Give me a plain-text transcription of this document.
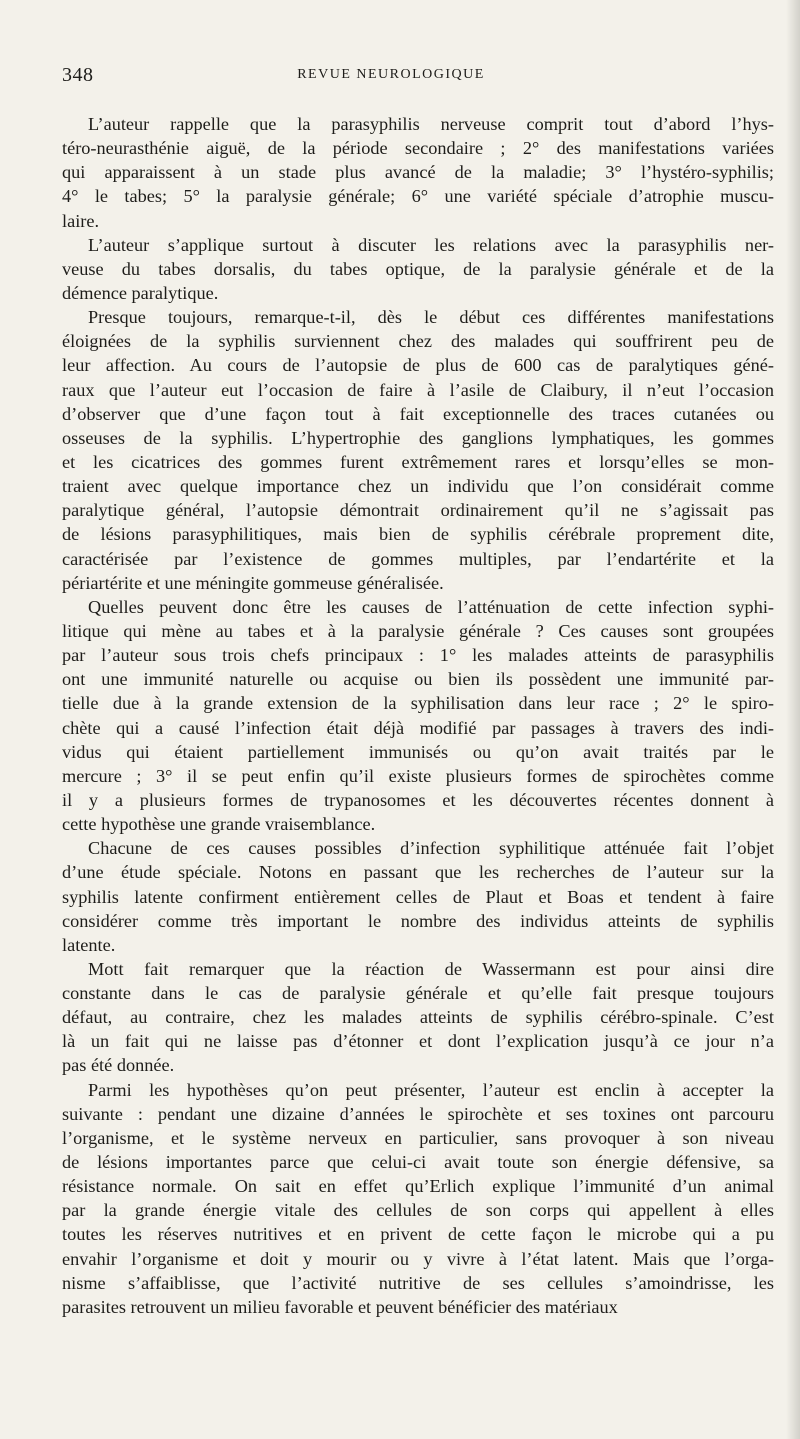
348	REVUE NEUROLOGIQUE
L’auteur rappelle que la parasyphilis nerveuse comprit tout d’abord l’hys-
téro-neurasthénie aiguë, de la période secondaire ; 2° des manifestations variées
qui apparaissent à un stade plus avancé de la maladie; 3° l’hystéro-syphilis;
4° le tabes; 5° la paralysie générale; 6° une variété spéciale d’atrophie muscu-
laire.
L’auteur s’applique surtout à discuter les relations avec la parasyphilis ner-
veuse du tabes dorsalis, du tabes optique, de la paralysie générale et de la
démence paralytique.
Presque toujours, remarque-t-il, dès le début ces différentes manifestations
éloignées de la syphilis surviennent chez des malades qui souffrirent peu de
leur affection. Au cours de l’autopsie de plus de 600 cas de paralytiques géné-
raux que l’auteur eut l’occasion de faire à l’asile de Claibury, il n’eut l’occasion
d’observer que d’une façon tout à fait exceptionnelle des traces cutanées ou
osseuses de la syphilis. L’hypertrophie des ganglions lymphatiques, les gommes
et les cicatrices des gommes furent extrêmement rares et lorsqu’elles se mon-
traient avec quelque importance chez un individu que l’on considérait comme
paralytique général, l’autopsie démontrait ordinairement qu’il ne s’agissait pas
de lésions parasyphilitiques, mais bien de syphilis cérébrale proprement dite,
caractérisée par l’existence de gommes multiples, par l’endartérite et la
périartérite et une méningite gommeuse généralisée.
Quelles peuvent donc être les causes de l’atténuation de cette infection syphi-
litique qui mène au tabes et à la paralysie générale ? Ces causes sont groupées
par l’auteur sous trois chefs principaux : 1° les malades atteints de parasyphilis
ont une immunité naturelle ou acquise ou bien ils possèdent une immunité par-
tielle due à la grande extension de la syphilisation dans leur race ; 2° le spiro-
chète qui a causé l’infection était déjà modifié par passages à travers des indi-
vidus qui étaient partiellement immunisés ou qu’on avait traités par le
mercure ; 3° il se peut enfin qu’il existe plusieurs formes de spirochètes comme
il y a plusieurs formes de trypanosomes et les découvertes récentes donnent à
cette hypothèse une grande vraisemblance.
Chacune de ces causes possibles d’infection syphilitique atténuée fait l’objet
d’une étude spéciale. Notons en passant que les recherches de l’auteur sur la
syphilis latente confirment entièrement celles de Plaut et Boas et tendent à faire
considérer comme très important le nombre des individus atteints de syphilis
latente.
Mott fait remarquer que la réaction de Wassermann est pour ainsi dire
constante dans le cas de paralysie générale et qu’elle fait presque toujours
défaut, au contraire, chez les malades atteints de syphilis cérébro-spinale. C’est
là un fait qui ne laisse pas d’étonner et dont l’explication jusqu’à ce jour n’a
pas été donnée.
Parmi les hypothèses qu’on peut présenter, l’auteur est enclin à accepter la
suivante : pendant une dizaine d’années le spirochète et ses toxines ont parcouru
l’organisme, et le système nerveux en particulier, sans provoquer à son niveau
de lésions importantes parce que celui-ci avait toute son énergie défensive, sa
résistance normale. On sait en effet qu’Erlich explique l’immunité d’un animal
par la grande énergie vitale des cellules de son corps qui appellent à elles
toutes les réserves nutritives et en privent de cette façon le microbe qui a pu
envahir l’organisme et doit y mourir ou y vivre à l’état latent. Mais que l’orga-
nisme s’affaiblisse, que l’activité nutritive de ses cellules s’amoindrisse, les
parasites retrouvent un milieu favorable et peuvent bénéficier des matériaux
